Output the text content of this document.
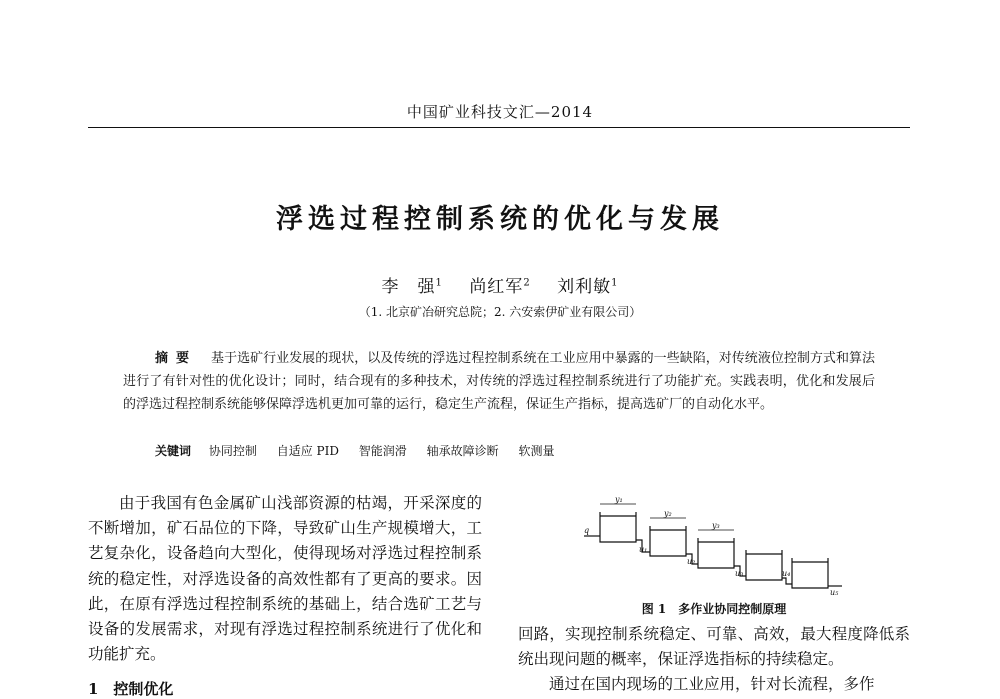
中国矿业科技文汇—2014
浮选过程控制系统的优化与发展
李　强$^1$ 尚红军$^2$ 刘利敏$^1$
（1. 北京矿冶研究总院；2. 六安索伊矿业有限公司）
摘要 基于选矿行业发展的现状，以及传统的浮选过程控制系统在工业应用中暴露的一些缺陷，对传统液位控制方式和算法进行了有针对性的优化设计；同时，结合现有的多种技术，对传统的浮选过程控制系统进行了功能扩充。实践表明，优化和发展后的浮选过程控制系统能够保障浮选机更加可靠的运行，稳定生产流程，保证生产指标，提高选矿厂的自动化水平。
关键词 协同控制 自适应 PID 智能润滑 轴承故障诊断 软测量

由于我国有色金属矿山浅部资源的枯竭，开采深度的不断增加，矿石品位的下降，导致矿山生产规模增大，工艺复杂化，设备趋向大型化，使得现场对浮选过程控制系统的稳定性，对浮选设备的高效性都有了更高的要求。因此，在原有浮选过程控制系统的基础上，结合选矿工艺与设备的发展需求，对现有浮选过程控制系统进行了优化和功能扩充。

1　控制优化
q
y₁
y₂
y₃
u₁
u₂
u₃	u₄
u₅
图 1　多作业协同控制原理

回路，实现控制系统稳定、可靠、高效，最大程度降低系统出现问题的概率，保证浮选指标的持续稳定。

通过在国内现场的工业应用，针对长流程，多作
